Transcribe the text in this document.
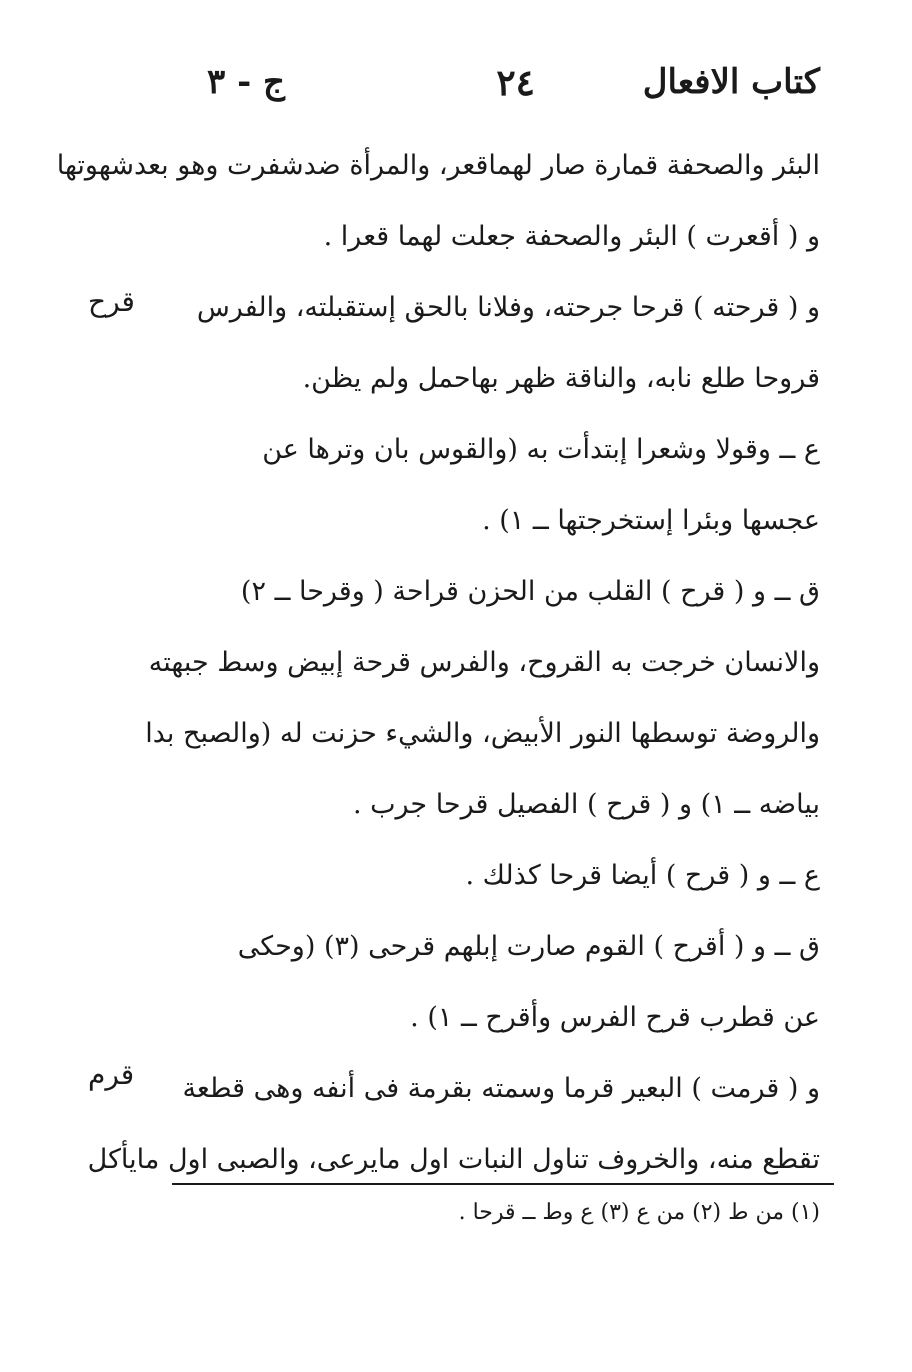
كتاب الافعال
٢٤
ج - ٣
البئر والصحفة قمارة صار لهماقعر، والمرأة ضدشفرت وهو بعدشهوتها
و ( أقعرت ) البئر والصحفة جعلت لهما قعرا .
و ( قرحته ) قرحا جرحته، وفلانا بالحق إستقبلته، والفرس
قروحا طلع نابه، والناقة ظهر بهاحمل ولم يظن.
ع ــ وقولا وشعرا إبتدأت به (والقوس بان وترها عن
عجسها وبئرا إستخرجتها ــ ١) .
ق ــ و ( قرح ) القلب من الحزن قراحة ( وقرحا ــ ٢)
والانسان خرجت به القروح، والفرس قرحة إبيض وسط جبهته
والروضة توسطها النور الأبيض، والشيء حزنت له (والصبح بدا
بياضه ــ ١) و ( قرح ) الفصيل قرحا جرب .
ع ــ و ( قرح ) أيضا قرحا كذلك .
ق ــ و ( أقرح ) القوم صارت إبلهم قرحى (٣) (وحكى
عن قطرب قرح الفرس وأقرح ــ ١) .
و ( قرمت ) البعير قرما وسمته بقرمة فى أنفه وهى قطعة
تقطع منه، والخروف تناول النبات اول مايرعى، والصبى اول مايأكل
قرح
قرم
(١) من ط (٢) من ع (٣) ع وط ــ قرحا .
